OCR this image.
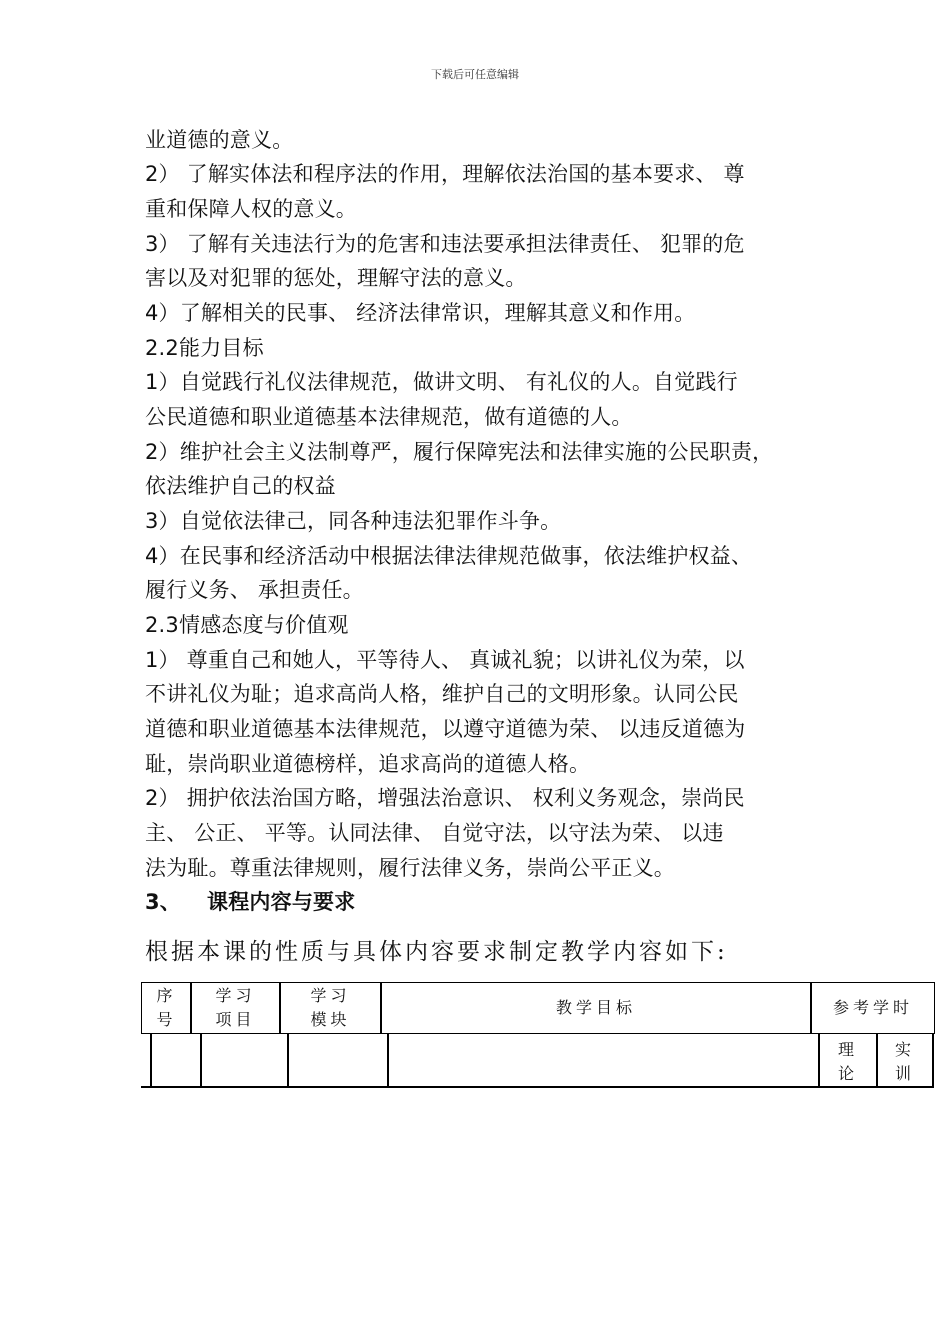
下载后可任意编辑
业道德的意义。
2） 了解实体法和程序法的作用，理解依法治国的基本要求、 尊
重和保障人权的意义。
3） 了解有关违法行为的危害和违法要承担法律责任、 犯罪的危
害以及对犯罪的惩处，理解守法的意义。
4）了解相关的民事、 经济法律常识，理解其意义和作用。
2.2能力目标
1）自觉践行礼仪法律规范，做讲文明、 有礼仪的人。自觉践行
公民道德和职业道德基本法律规范，做有道德的人。
2）维护社会主义法制尊严，履行保障宪法和法律实施的公民职责，
依法维护自己的权益
3）自觉依法律己，同各种违法犯罪作斗争。
4）在民事和经济活动中根据法律法律规范做事，依法维护权益、
履行义务、 承担责任。
2.3情感态度与价值观
1） 尊重自己和她人，平等待人、 真诚礼貌；以讲礼仪为荣，以
不讲礼仪为耻；追求高尚人格，维护自己的文明形象。认同公民
道德和职业道德基本法律规范，以遵守道德为荣、 以违反道德为
耻，崇尚职业道德榜样，追求高尚的道德人格。
2） 拥护依法治国方略，增强法治意识、 权利义务观念，崇尚民
主、 公正、 平等。认同法律、 自觉守法，以守法为荣、 以违
法为耻。尊重法律规则，履行法律义务，崇尚公平正义。
3、 课程内容与要求
根据本课的性质与具体内容要求制定教学内容如下:
序
号
学习
项目
学习
模块
教学目标	参考学时
理
论
实
训
